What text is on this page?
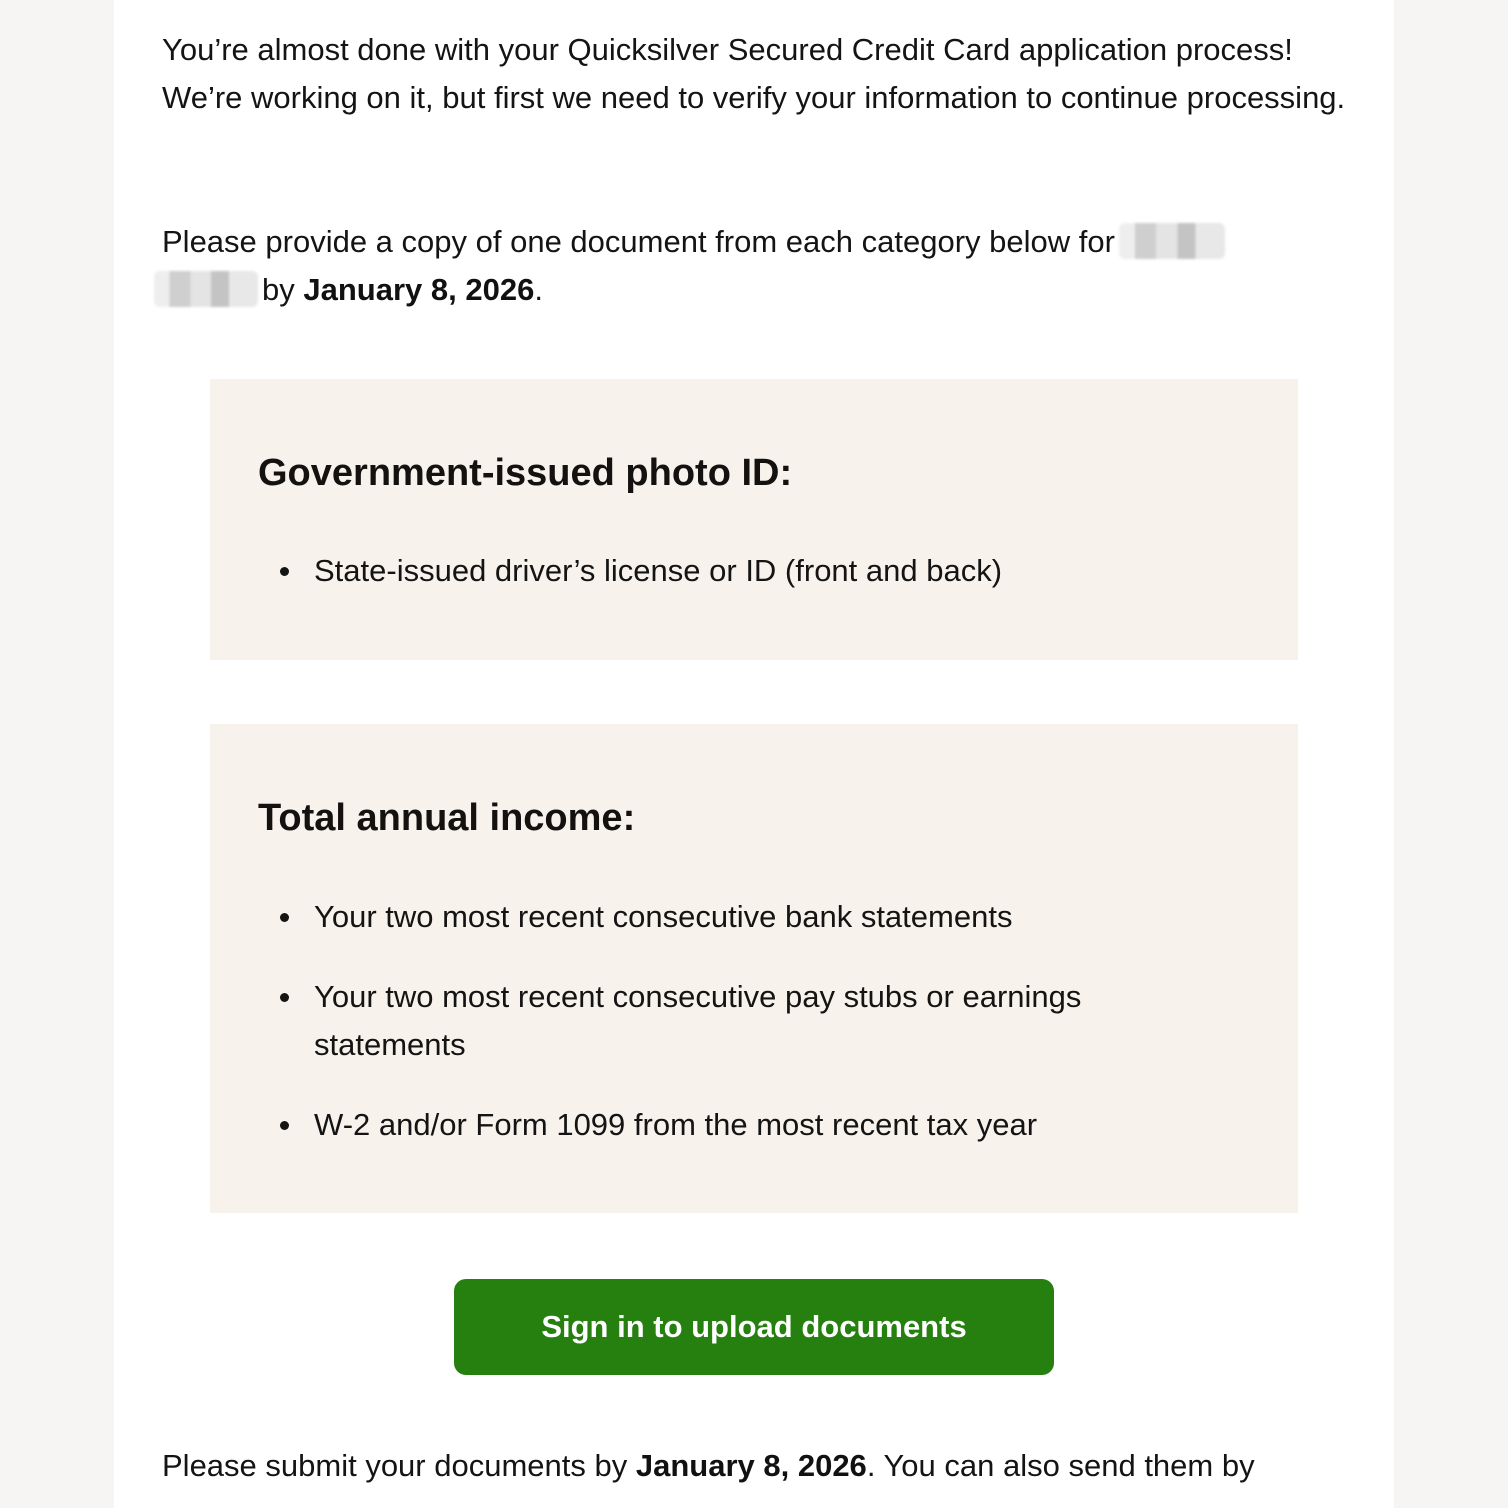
You’re almost done with your Quicksilver Secured Credit Card application process! We’re working on it, but first we need to verify your information to continue processing.

Please provide a copy of one document from each category below for
by January 8, 2026.

Government-issued photo ID:
State-issued driver’s license or ID (front and back)
Total annual income:
Your two most recent consecutive bank statements
Your two most recent consecutive pay stubs or earnings statements
W-2 and/or Form 1099 from the most recent tax year
Sign in to upload documents

Please submit your documents by January 8, 2026. You can also send them by
